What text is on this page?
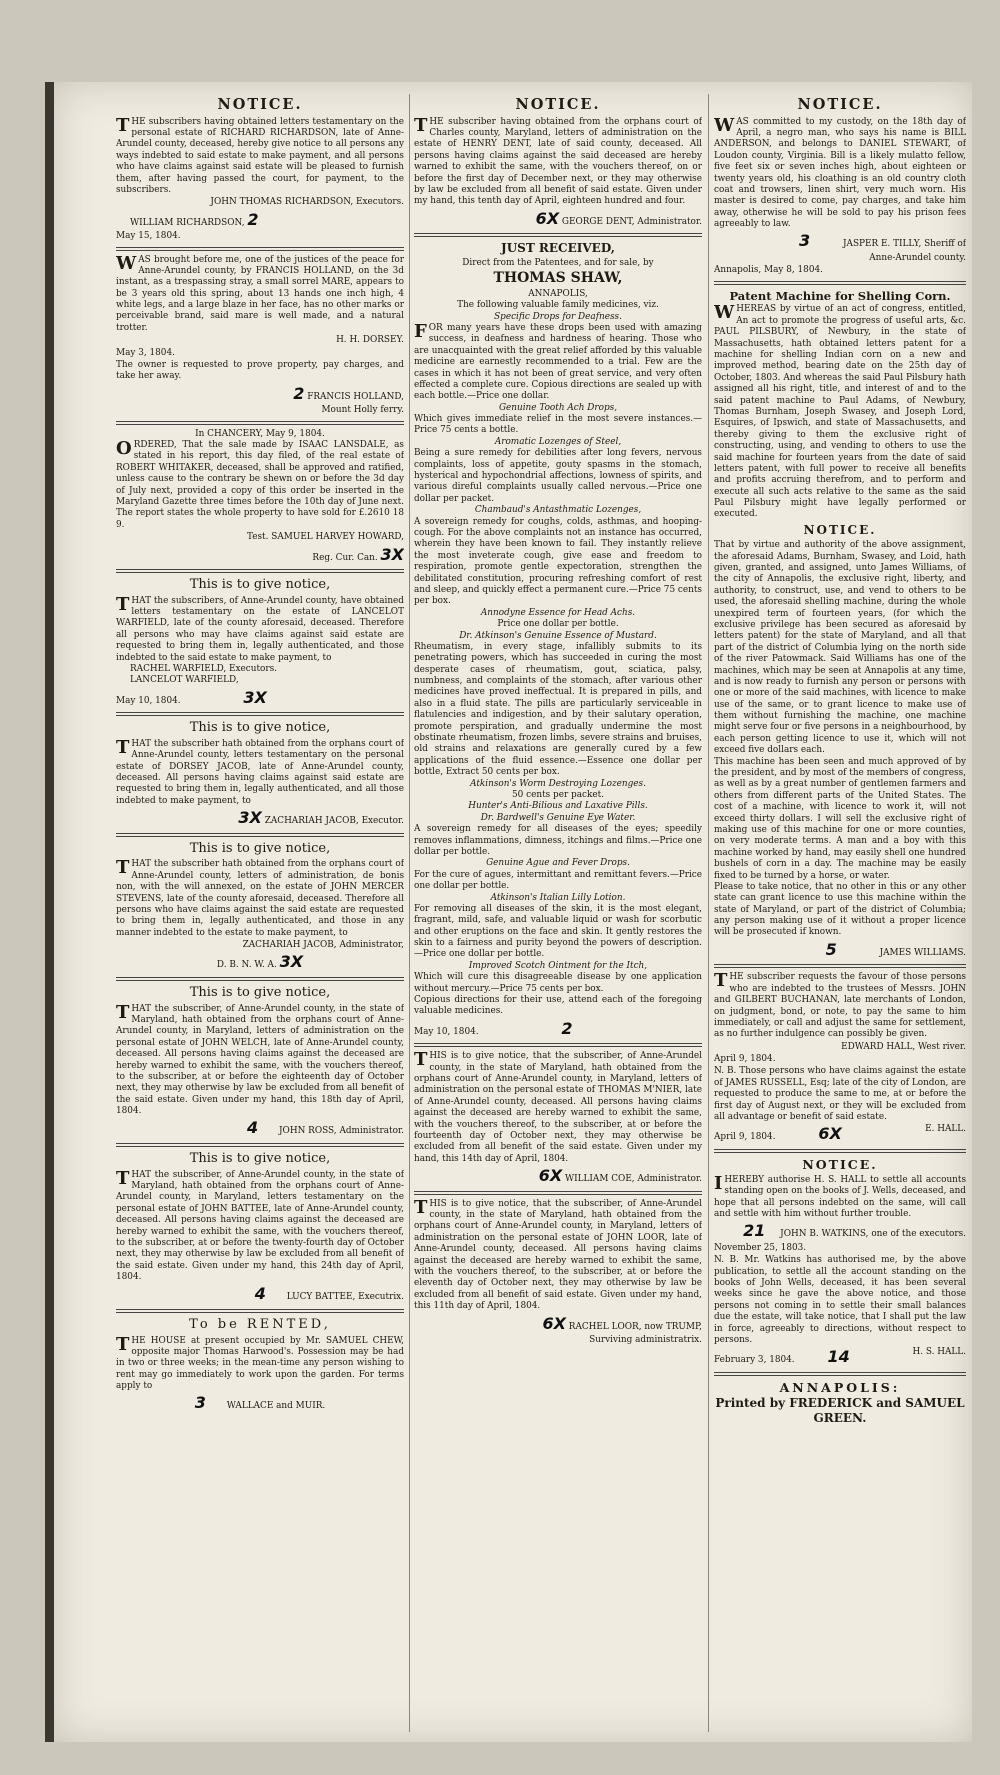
NOTICE.

THE subscribers having obtained letters testamentary on the personal estate of RICHARD RICHARDSON, late of Anne-Arundel county, deceased, hereby give notice to all persons any ways indebted to said estate to make payment, and all persons who have claims against said estate will be pleased to furnish them, after having passed the court, for payment, to the subscribers.

JOHN THOMAS RICHARDSON, Executors.
WILLIAM RICHARDSON, 2
May 15, 1804.

WAS brought before me, one of the justices of the peace for Anne-Arundel county, by FRANCIS HOLLAND, on the 3d instant, as a trespassing stray, a small sorrel MARE, appears to be 3 years old this spring, about 13 hands one inch high, 4 white legs, and a large blaze in her face, has no other marks or perceivable brand, said mare is well made, and a natural trotter.

H. H. DORSEY.
May 3, 1804.

The owner is requested to prove property, pay charges, and take her away.

2 FRANCIS HOLLAND,
Mount Holly ferry.
In CHANCERY, May 9, 1804.

ORDERED, That the sale made by ISAAC LANSDALE, as stated in his report, this day filed, of the real estate of ROBERT WHITAKER, deceased, shall be approved and ratified, unless cause to the contrary be shewn on or before the 3d day of July next, provided a copy of this order be inserted in the Maryland Gazette three times before the 10th day of June next. The report states the whole property to have sold for £.2610 18 9.

Test. SAMUEL HARVEY HOWARD,
Reg. Cur. Can. 3X
This is to give notice,

THAT the subscribers, of Anne-Arundel county, have obtained letters testamentary on the estate of LANCELOT WARFIELD, late of the county aforesaid, deceased. Therefore all persons who may have claims against said estate are requested to bring them in, legally authenticated, and those indebted to the said estate to make payment, to

RACHEL WARFIELD, Executors.
LANCELOT WARFIELD,
May 10, 1804.	3X
This is to give notice,

THAT the subscriber hath obtained from the orphans court of Anne-Arundel county, letters testamentary on the personal estate of DORSEY JACOB, late of Anne-Arundel county, deceased. All persons having claims against said estate are requested to bring them in, legally authenticated, and all those indebted to make payment, to

3X ZACHARIAH JACOB, Executor.
This is to give notice,

THAT the subscriber hath obtained from the orphans court of Anne-Arundel county, letters of administration, de bonis non, with the will annexed, on the estate of JOHN MERCER STEVENS, late of the county aforesaid, deceased. Therefore all persons who have claims against the said estate are requested to bring them in, legally authenticated, and those in any manner indebted to the estate to make payment, to

ZACHARIAH JACOB, Administrator,
D. B. N. W. A. 3X
This is to give notice,

THAT the subscriber, of Anne-Arundel county, in the state of Maryland, hath obtained from the orphans court of Anne-Arundel county, in Maryland, letters of administration on the personal estate of JOHN WELCH, late of Anne-Arundel county, deceased. All persons having claims against the deceased are hereby warned to exhibit the same, with the vouchers thereof, to the subscriber, at or before the eighteenth day of October next, they may otherwise by law be excluded from all benefit of the said estate. Given under my hand, this 18th day of April, 1804.

4 JOHN ROSS, Administrator.
This is to give notice,

THAT the subscriber, of Anne-Arundel county, in the state of Maryland, hath obtained from the orphans court of Anne-Arundel county, in Maryland, letters testamentary on the personal estate of JOHN BATTEE, late of Anne-Arundel county, deceased. All persons having claims against the deceased are hereby warned to exhibit the same, with the vouchers thereof, to the subscriber, at or before the twenty-fourth day of October next, they may otherwise by law be excluded from all benefit of the said estate. Given under my hand, this 24th day of April, 1804.

4 LUCY BATTEE, Executrix.
To be RENTED,

THE HOUSE at present occupied by Mr. SAMUEL CHEW, opposite major Thomas Harwood's. Possession may be had in two or three weeks; in the mean-time any person wishing to rent may go immediately to work upon the garden. For terms apply to

3 WALLACE and MUIR.
NOTICE.

THE subscriber having obtained from the orphans court of Charles county, Maryland, letters of administration on the estate of HENRY DENT, late of said county, deceased. All persons having claims against the said deceased are hereby warned to exhibit the same, with the vouchers thereof, on or before the first day of December next, or they may otherwise by law be excluded from all benefit of said estate. Given under my hand, this tenth day of April, eighteen hundred and four.

6X GEORGE DENT, Administrator.
JUST RECEIVED,
Direct from the Patentees, and for sale, by
THOMAS SHAW,
ANNAPOLIS,
The following valuable family medicines, viz.
Specific Drops for Deafness.

FOR many years have these drops been used with amazing success, in deafness and hardness of hearing. Those who are unacquainted with the great relief afforded by this valuable medicine are earnestly recommended to a trial. Few are the cases in which it has not been of great service, and very often effected a complete cure. Copious directions are sealed up with each bottle.—Price one dollar.

Genuine Tooth Ach Drops,

Which gives immediate relief in the most severe instances.—Price 75 cents a bottle.

Aromatic Lozenges of Steel,

Being a sure remedy for debilities after long fevers, nervous complaints, loss of appetite, gouty spasms in the stomach, hysterical and hypochondrial affections, lowness of spirits, and various direful complaints usually called nervous.—Price one dollar per packet.

Chambaud's Antasthmatic Lozenges,

A sovereign remedy for coughs, colds, asthmas, and hooping-cough. For the above complaints not an instance has occurred, wherein they have been known to fail. They instantly relieve the most inveterate cough, give ease and freedom to respiration, promote gentle expectoration, strengthen the debilitated constitution, procuring refreshing comfort of rest and sleep, and quickly effect a permanent cure.—Price 75 cents per box.

Annodyne Essence for Head Achs.

Price one dollar per bottle.

Dr. Atkinson's Genuine Essence of Mustard.

Rheumatism, in every stage, infallibly submits to its penetrating powers, which has succeeded in curing the most desperate cases of rheumatism, gout, sciatica, palsy, numbness, and complaints of the stomach, after various other medicines have proved ineffectual. It is prepared in pills, and also in a fluid state. The pills are particularly serviceable in flatulencies and indigestion, and by their salutary operation, promote perspiration, and gradually undermine the most obstinate rheumatism, frozen limbs, severe strains and bruises, old strains and relaxations are generally cured by a few applications of the fluid essence.—Essence one dollar per bottle, Extract 50 cents per box.

Atkinson's Worm Destroying Lozenges.

50 cents per packet.

Hunter's Anti-Bilious and Laxative Pills.
Dr. Bardwell's Genuine Eye Water.

A sovereign remedy for all diseases of the eyes; speedily removes inflammations, dimness, itchings and films.—Price one dollar per bottle.

Genuine Ague and Fever Drops.

For the cure of agues, intermittant and remittant fevers.—Price one dollar per bottle.

Atkinson's Italian Lilly Lotion.

For removing all diseases of the skin, it is the most elegant, fragrant, mild, safe, and valuable liquid or wash for scorbutic and other eruptions on the face and skin. It gently restores the skin to a fairness and purity beyond the powers of description.—Price one dollar per bottle.

Improved Scotch Ointment for the Itch,

Which will cure this disagreeable disease by one application without mercury.—Price 75 cents per box.

Copious directions for their use, attend each of the foregoing valuable medicines.

May 10, 1804.	2

THIS is to give notice, that the subscriber, of Anne-Arundel county, in the state of Maryland, hath obtained from the orphans court of Anne-Arundel county, in Maryland, letters of administration on the personal estate of THOMAS M'NIER, late of Anne-Arundel county, deceased. All persons having claims against the deceased are hereby warned to exhibit the same, with the vouchers thereof, to the subscriber, at or before the fourteenth day of October next, they may otherwise be excluded from all benefit of the said estate. Given under my hand, this 14th day of April, 1804.

6X WILLIAM COE, Administrator.

THIS is to give notice, that the subscriber, of Anne-Arundel county, in the state of Maryland, hath obtained from the orphans court of Anne-Arundel county, in Maryland, letters of administration on the personal estate of JOHN LOOR, late of Anne-Arundel county, deceased. All persons having claims against the deceased are hereby warned to exhibit the same, with the vouchers thereof, to the subscriber, at or before the eleventh day of October next, they may otherwise by law be excluded from all benefit of said estate. Given under my hand, this 11th day of April, 1804.

6X RACHEL LOOR, now TRUMP,
Surviving administratrix.
NOTICE.

WAS committed to my custody, on the 18th day of April, a negro man, who says his name is BILL ANDERSON, and belongs to DANIEL STEWART, of Loudon county, Virginia. Bill is a likely mulatto fellow, five feet six or seven inches high, about eighteen or twenty years old, his cloathing is an old country cloth coat and trowsers, linen shirt, very much worn. His master is desired to come, pay charges, and take him away, otherwise he will be sold to pay his prison fees agreeably to law.

3	JASPER E. TILLY, Sheriff of
Anne-Arundel county.
Annapolis, May 8, 1804.
Patent Machine for Shelling Corn.

WHEREAS by virtue of an act of congress, entitled, An act to promote the progress of useful arts, &c. PAUL PILSBURY, of Newbury, in the state of Massachusetts, hath obtained letters patent for a machine for shelling Indian corn on a new and improved method, bearing date on the 25th day of October, 1803. And whereas the said Paul Pilsbury hath assigned all his right, title, and interest of and to the said patent machine to Paul Adams, of Newbury, Thomas Burnham, Joseph Swasey, and Joseph Lord, Esquires, of Ipswich, and state of Massachusetts, and thereby giving to them the exclusive right of constructing, using, and vending to others to use the said machine for fourteen years from the date of said letters patent, with full power to receive all benefits and profits accruing therefrom, and to perform and execute all such acts relative to the same as the said Paul Pilsbury might have legally performed or executed.

NOTICE.

That by virtue and authority of the above assignment, the aforesaid Adams, Burnham, Swasey, and Loid, hath given, granted, and assigned, unto James Williams, of the city of Annapolis, the exclusive right, liberty, and authority, to construct, use, and vend to others to be used, the aforesaid shelling machine, during the whole unexpired term of fourteen years, (for which the exclusive privilege has been secured as aforesaid by letters patent) for the state of Maryland, and all that part of the district of Columbia lying on the north side of the river Patowmack. Said Williams has one of the machines, which may be seen at Annapolis at any time, and is now ready to furnish any person or persons with one or more of the said machines, with licence to make use of the same, or to grant licence to make use of them without furnishing the machine, one machine might serve four or five persons in a neighbourhood, by each person getting licence to use it, which will not exceed five dollars each.

This machine has been seen and much approved of by the president, and by most of the members of congress, as well as by a great number of gentlemen farmers and others from different parts of the United States. The cost of a machine, with licence to work it, will not exceed thirty dollars. I will sell the exclusive right of making use of this machine for one or more counties, on very moderate terms. A man and a boy with this machine worked by hand, may easily shell one hundred bushels of corn in a day. The machine may be easily fixed to be turned by a horse, or water.

Please to take notice, that no other in this or any other state can grant licence to use this machine within the state of Maryland, or part of the district of Columbia; any person making use of it without a proper licence will be prosecuted if known.

5	JAMES WILLIAMS.

THE subscriber requests the favour of those persons who are indebted to the trustees of Messrs. JOHN and GILBERT BUCHANAN, late merchants of London, on judgment, bond, or note, to pay the same to him immediately, or call and adjust the same for settlement, as no further indulgence can possibly be given.

EDWARD HALL, West river.
April 9, 1804.

N. B. Those persons who have claims against the estate of JAMES RUSSELL, Esq; late of the city of London, are requested to produce the same to me, at or before the first day of August next, or they will be excluded from all advantage or benefit of said estate.

April 9, 1804.	6X	E. HALL.
NOTICE.

IHEREBY authorise H. S. HALL to settle all accounts standing open on the books of J. Wells, deceased, and hope that all persons indebted on the same, will call and settle with him without further trouble.

21 JOHN B. WATKINS, one of the executors.
November 25, 1803.

N. B. Mr. Watkins has authorised me, by the above publication, to settle all the account standing on the books of John Wells, deceased, it has been several weeks since he gave the above notice, and those persons not coming in to settle their small balances due the estate, will take notice, that I shall put the law in force, agreeably to directions, without respect to persons.

February 3, 1804. 14	H. S. HALL.
ANNAPOLIS:
Printed by FREDERICK and SAMUEL GREEN.
